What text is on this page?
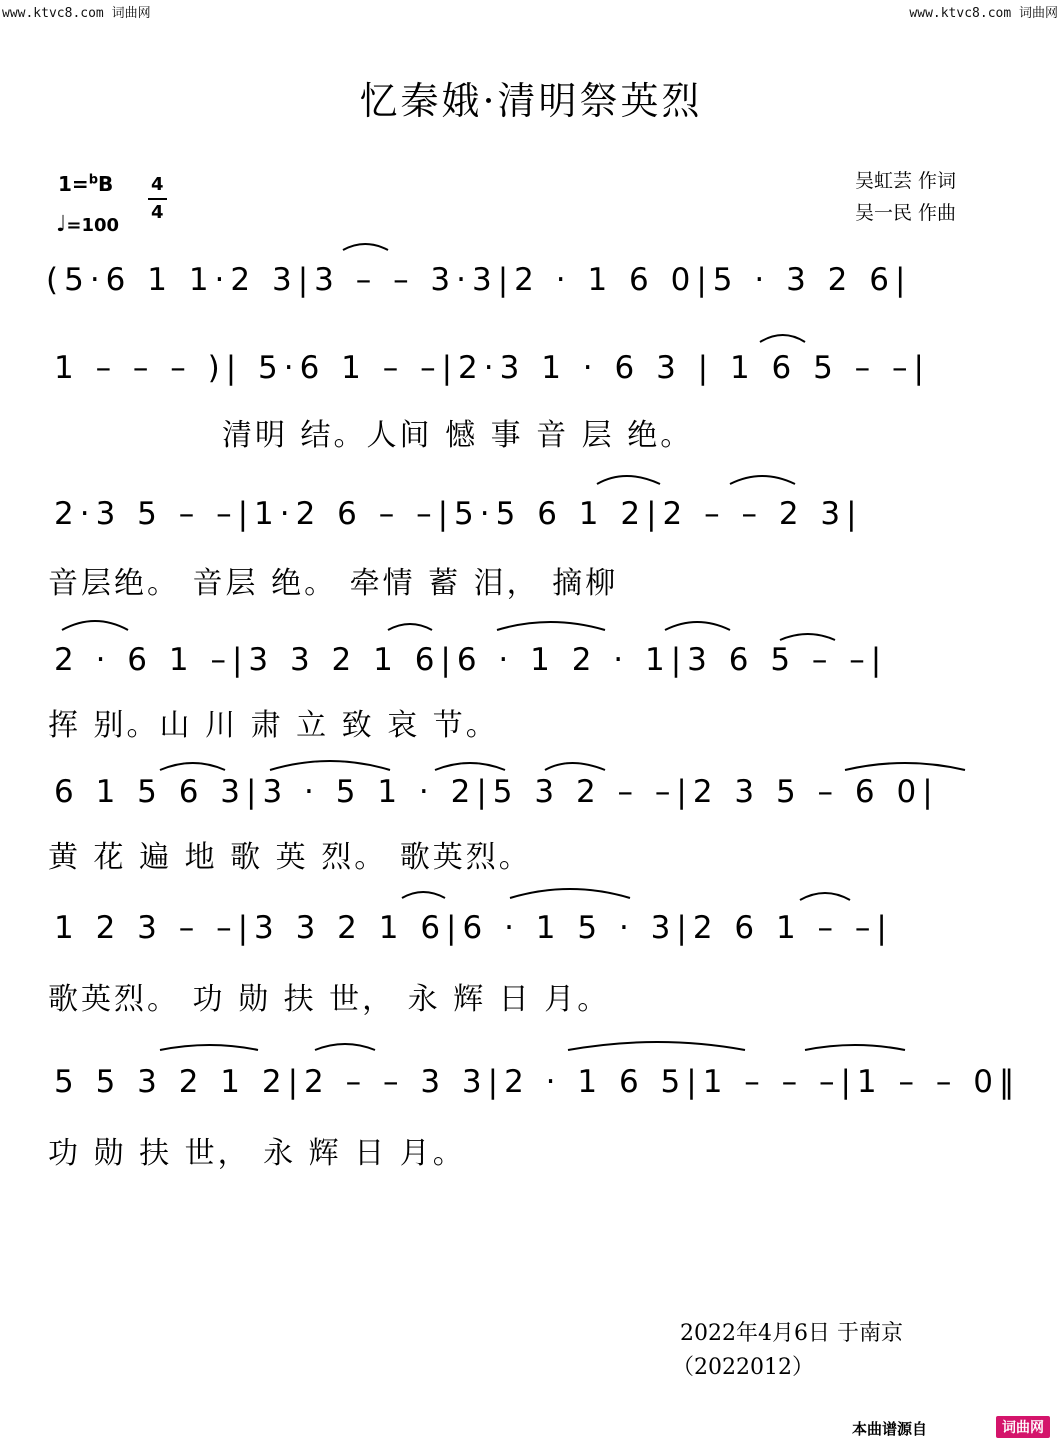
www.ktvc8.com 词曲网	www.ktvc8.com 词曲网
忆秦娥·清明祭英烈
1=$^b$B 4
4
♩=100
吴虹芸 作词
吴一民 作曲
(5·6 1 1·2 3|3 – – 3·3|2 · 1 6 0|5 · 3 2 6|
1 – – – )| 5·6 1 – –|2·3 1 · 6 3 | 1 6 5 – –|
清明 结。人间 憾 事 音 层 绝。
2·3 5 – –|1·2 6 – –|5·5 6 1 2|2 – – 2 3|
音层绝。 音层 绝。 牵情 蓄 泪， 摘柳
2 · 6 1 –|3 3 2 1 6|6 · 1 2 · 1|3 6 5 – –|
挥 别。山 川 肃 立 致 哀 节。
6 1 5 6 3|3 · 5 1 · 2|5 3 2 – –|2 3 5 – 6 0|
黄 花 遍 地 歌 英 烈。 歌英烈。
1 2 3 – –|3 3 2 1 6|6 · 1 5 · 3|2 6 1 – –|
歌英烈。 功 勋 扶 世， 永 辉 日 月。
5 5 3 2 1 2|2 – – 3 3|2 · 1 6 5|1 – – –|1 – – 0‖
功 勋 扶 世， 永 辉 日 月。
2022年4月6日 于南京
（2022012）
本曲谱源自	词曲网
